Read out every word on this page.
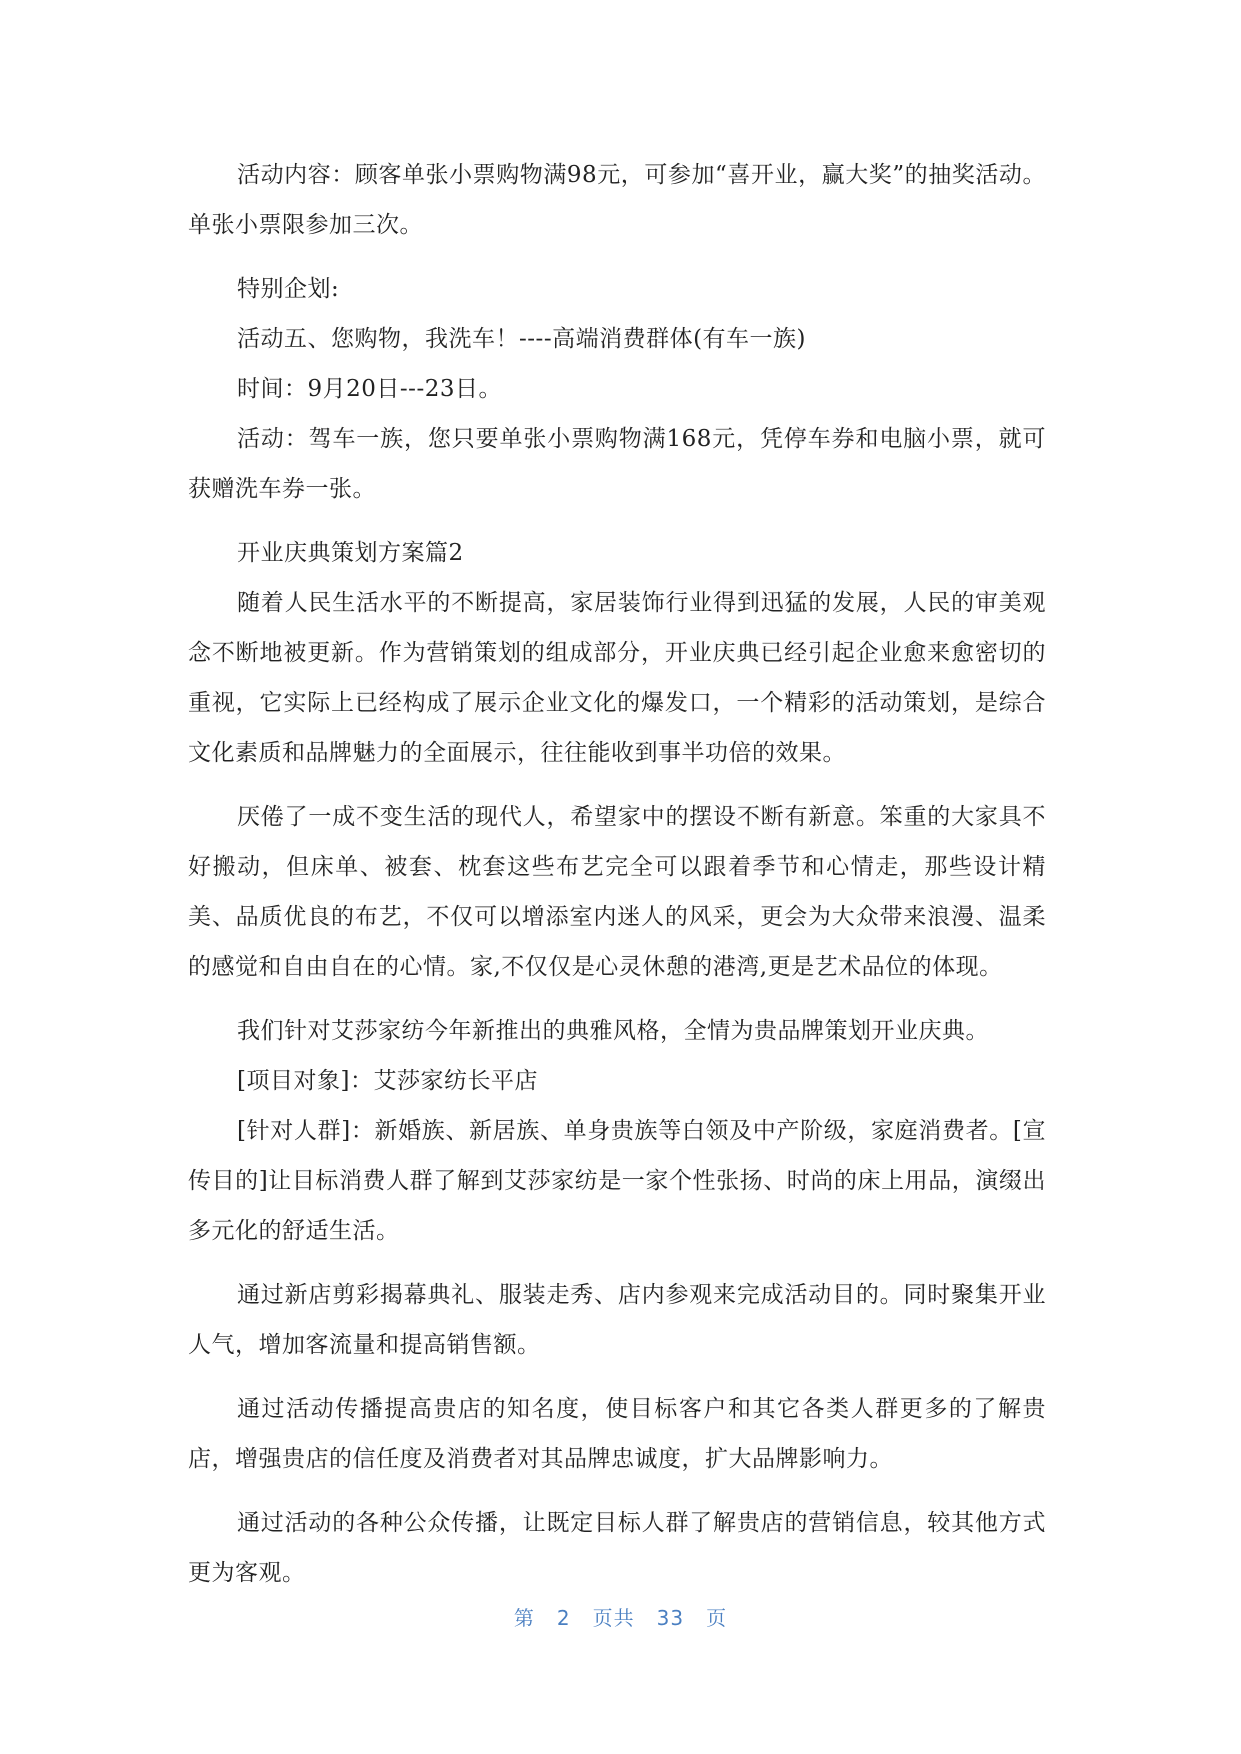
活动内容：顾客单张小票购物满98元，可参加“喜开业，赢大奖”的抽奖活动。单张小票限参加三次。

特别企划:

活动五、您购物，我洗车！----高端消费群体(有车一族)

时间：9月20日---23日。

活动：驾车一族，您只要单张小票购物满168元，凭停车券和电脑小票，就可获赠洗车券一张。

开业庆典策划方案篇2

随着人民生活水平的不断提高，家居装饰行业得到迅猛的发展，人民的审美观念不断地被更新。作为营销策划的组成部分，开业庆典已经引起企业愈来愈密切的重视，它实际上已经构成了展示企业文化的爆发口，一个精彩的活动策划，是综合文化素质和品牌魅力的全面展示，往往能收到事半功倍的效果。

厌倦了一成不变生活的现代人，希望家中的摆设不断有新意。笨重的大家具不好搬动，但床单、被套、枕套这些布艺完全可以跟着季节和心情走，那些设计精美、品质优良的布艺，不仅可以增添室内迷人的风采，更会为大众带来浪漫、温柔的感觉和自由自在的心情。家,不仅仅是心灵休憩的港湾,更是艺术品位的体现。

我们针对艾莎家纺今年新推出的典雅风格，全情为贵品牌策划开业庆典。

[项目对象]：艾莎家纺长平店

[针对人群]：新婚族、新居族、单身贵族等白领及中产阶级，家庭消费者。[宣传目的]让目标消费人群了解到艾莎家纺是一家个性张扬、时尚的床上用品，演缀出多元化的舒适生活。

通过新店剪彩揭幕典礼、服装走秀、店内参观来完成活动目的。同时聚集开业人气，增加客流量和提高销售额。

通过活动传播提高贵店的知名度，使目标客户和其它各类人群更多的了解贵店，增强贵店的信任度及消费者对其品牌忠诚度，扩大品牌影响力。

通过活动的各种公众传播，让既定目标人群了解贵店的营销信息，较其他方式更为客观。

第 2 页共 33 页
